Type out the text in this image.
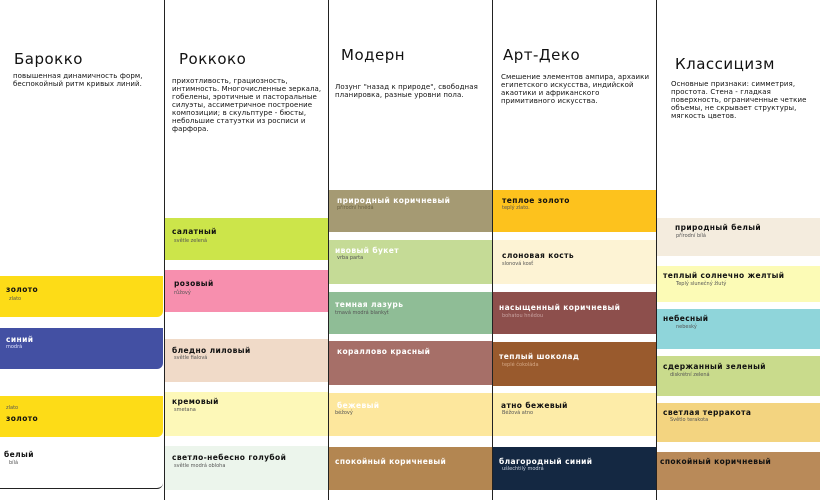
Барокко
повышенная динамичность форм, беспокойный ритм кривых линий.
золото
zlato
синий
modrá
zlato
золото
белый
bílá
Роккоко
прихотливость, грациозность, интимность. Многочисленные зеркала, гобелены, эротичные и пасторальные силуэты, ассиметричное построение композиции; в скульптуре - бюсты, небольшие статуэтки из росписи и фарфора.
салатный
světle zelená
розовый
růžový
бледно лиловый
světle fialová
кремовый
smetana
светло-небесно голубой
světle modrá obloha
Модерн
Лозунг "назад к природе", свободная планировка, разные уровни пола.
природный коричневый
přírodní hnědá
ивовый букет
vrba parta
темная лазурь
tmavá modrá blankyt
кораллово красный
бежевый
béžový
спокойный коричневый
Арт-Деко
Смешение элементов ампира, архаики египетского искусства, индийской акаотики и африканского примитивного искусства.
теплое золото
teplý zlato.
слоновая кость
slonová kosť
насыщенный коричневый
bohatou hnědou
теплый шоколад
teplé čokoláda
атно бежевый
Béžová atno
благородный синий
ušlechtilý modrá
Классицизм
Основные признаки: симметрия, простота. Стена - гладкая поверхность, ограниченные четкие объемы, не скрывает структуры, мягкость цветов.
природный белый
přírodní bílá
теплый солнечно желтый
Teplý slunečný žlutý
небесный
nebeský
сдержанный зеленый
diskrétní zelená
светлая терракота
Světlo terakota
спокойный коричневый
